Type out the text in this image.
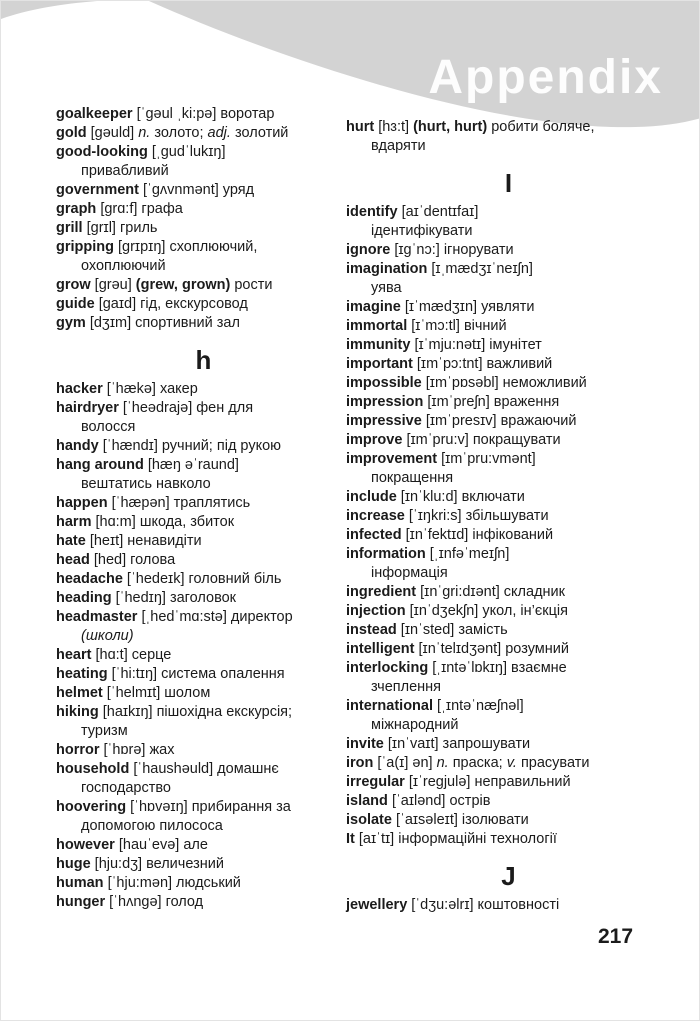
Appendix
goalkeeper [ˈgəul ˌki:pə] воротар
gold [gəuld] n. золото; adj. золотий
good-looking [ˌgudˈlukɪŋ]
привабливий
government [ˈgʌvnmənt] уряд
graph [grɑ:f] графа
grill [grɪl] гриль
gripping [grɪpɪŋ] схоплюючий,
охоплюючий
grow [grəu] (grew, grown) рости
guide [gaɪd] гід, екскурсовод
gym [dʒɪm] спортивний зал
h
hacker [ˈhækə] хакер
hairdryer [ˈheədrajə] фен для
волосся
handy [ˈhændɪ] ручний; під рукою
hang around [hæŋ əˈraund]
вештатись навколо
happen [ˈhæpən] траплятись
harm [hɑ:m] шкода, збиток
hate [heɪt] ненавидіти
head [hed] голова
headache [ˈhedeɪk] головний біль
heading [ˈhedɪŋ] заголовок
headmaster [ˌhedˈmɑ:stə] директор
(школи)
heart [hɑ:t] серце
heating [ˈhi:tɪŋ] система опалення
helmet [ˈhelmɪt] шолом
hiking [haɪkɪŋ] пішохідна екскурсія;
туризм
horror [ˈhɒrə] жах
household [ˈhaushəuld] домашнє
господарство
hoovering [ˈhɒvəɪŋ] прибирання за
допомогою пилососа
however [hauˈevə] але
huge [hju:dʒ] величезний
human [ˈhju:mən] людський
hunger [ˈhʌngə] голод
hurt [hɜ:t] (hurt, hurt) робити боляче,
вдаряти
I
identify [aɪˈdentɪfaɪ]
ідентифікувати
ignore [ɪgˈnɔ:] ігнорувати
imagination [ɪˌmædʒɪˈneɪʃn]
уява
imagine [ɪˈmædʒɪn] уявляти
immortal [ɪˈmɔ:tl] вічний
immunity [ɪˈmju:nətɪ] імунітет
important [ɪmˈpɔ:tnt] важливий
impossible [ɪmˈpɒsəbl] неможливий
impression [ɪmˈpreʃn] враження
impressive [ɪmˈpresɪv] вражаючий
improve [ɪmˈpru:v] покращувати
improvement [ɪmˈpru:vmənt]
покращення
include [ɪnˈklu:d] включати
increase [ˈɪŋkri:s] збільшувати
infected [ɪnˈfektɪd] інфікований
information [ˌɪnfəˈmeɪʃn]
інформація
ingredient [ɪnˈgri:dɪənt] складник
injection [ɪnˈdʒekʃn] укол, ін’єкція
instead [ɪnˈsted] замість
intelligent [ɪnˈtelɪdʒənt] розумний
interlocking [ˌɪntəˈlɒkɪŋ] взаємне
зчеплення
international [ˌɪntəˈnæʃnəl]
міжнародний
invite [ɪnˈvaɪt] запрошувати
iron [ˈa(ɪ] ən] n. праска; v. прасувати
irregular [ɪˈregjulə] неправильний
island [ˈaɪlənd] острів
isolate [ˈaɪsəleɪt] ізолювати
It [aɪˈtɪ] інформаційні технології
J
jewellery [ˈdʒu:əlrɪ] коштовності
217
